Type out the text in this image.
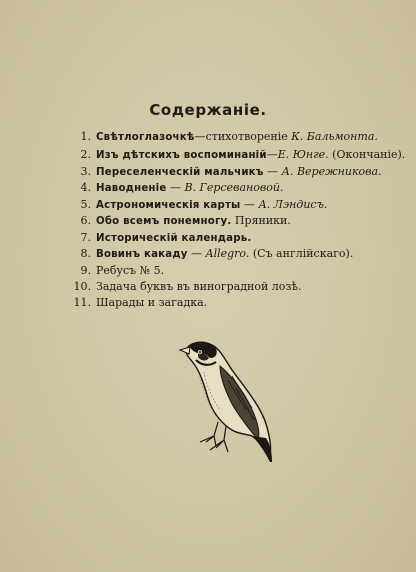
Содержаніе.
1. Свѣтлоглазочкѣ—стихотвореніе К. Бальмонта.
2. Изъ дѣтскихъ воспоминаній—Е. Юнге. (Окончаніе).
3. Переселенческій мальчикъ — А. Вережникова.
4. Наводненіе — В. Герсевановой.
5. Астрономическія карты — А. Лэндисъ.
6. Обо всемъ понемногу. Пряники.
7. Историческій календарь.
8. Вовинъ какаду — Allegro. (Съ англійскаго).
9. Ребусъ № 5.
10. Задача буквъ въ виноградной лозѣ.
11. Шарады и загадка.
